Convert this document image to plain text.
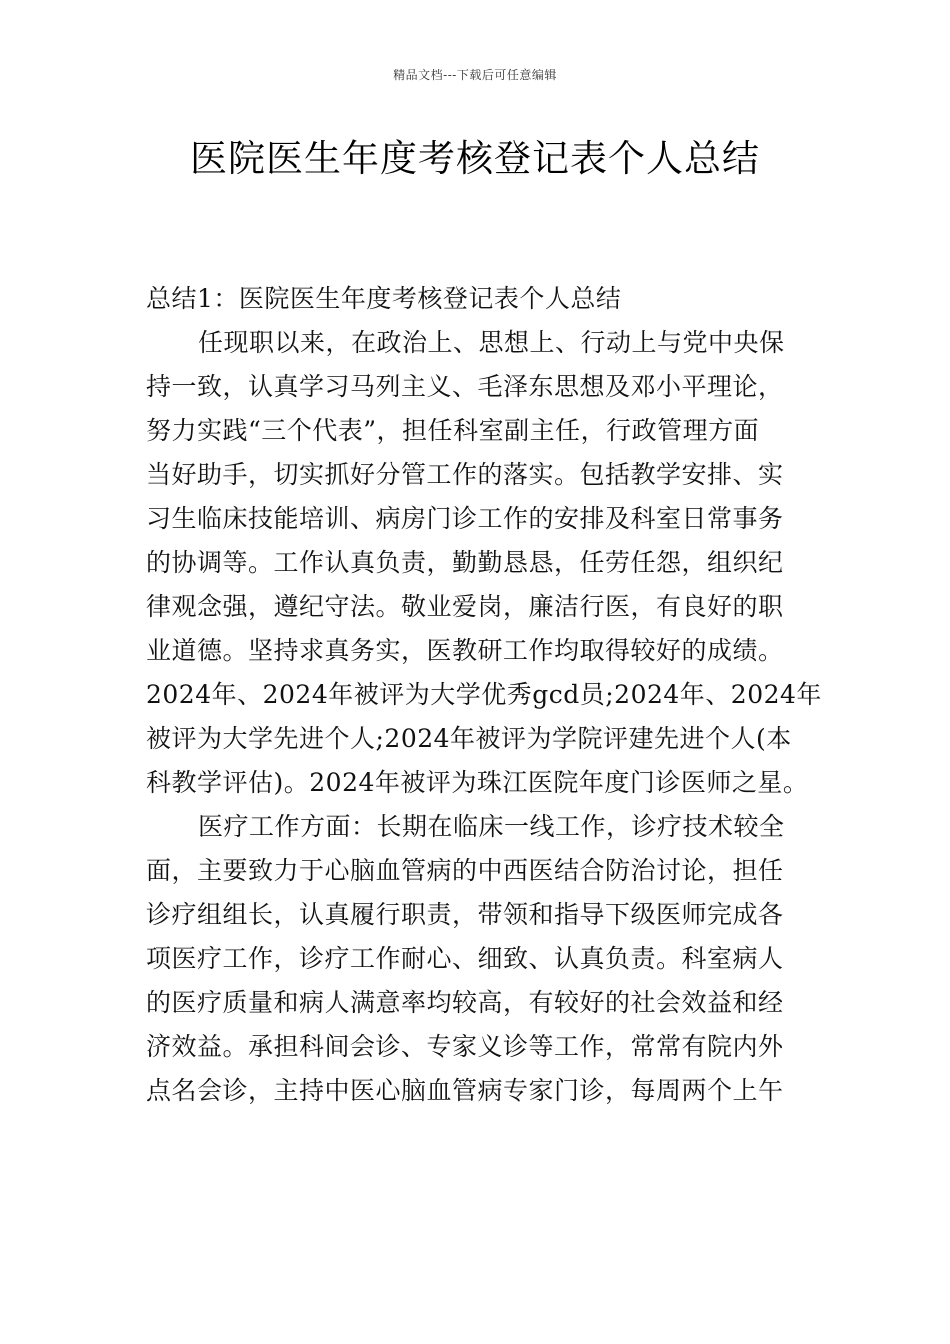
精品文档---下载后可任意编辑
医院医生年度考核登记表个人总结
总结1：医院医生年度考核登记表个人总结
任现职以来，在政治上、思想上、行动上与党中央保
持一致，认真学习马列主义、毛泽东思想及邓小平理论，
努力实践“三个代表”，担任科室副主任，行政管理方面
当好助手，切实抓好分管工作的落实。包括教学安排、实
习生临床技能培训、病房门诊工作的安排及科室日常事务
的协调等。工作认真负责，勤勤恳恳，任劳任怨，组织纪
律观念强，遵纪守法。敬业爱岗，廉洁行医，有良好的职
业道德。坚持求真务实，医教研工作均取得较好的成绩。
2024年、2024年被评为大学优秀gcd员;2024年、2024年
被评为大学先进个人;2024年被评为学院评建先进个人(本
科教学评估)。2024年被评为珠江医院年度门诊医师之星。
医疗工作方面：长期在临床一线工作，诊疗技术较全
面，主要致力于心脑血管病的中西医结合防治讨论，担任
诊疗组组长，认真履行职责，带领和指导下级医师完成各
项医疗工作，诊疗工作耐心、细致、认真负责。科室病人
的医疗质量和病人满意率均较高，有较好的社会效益和经
济效益。承担科间会诊、专家义诊等工作，常常有院内外
点名会诊，主持中医心脑血管病专家门诊，每周两个上午
